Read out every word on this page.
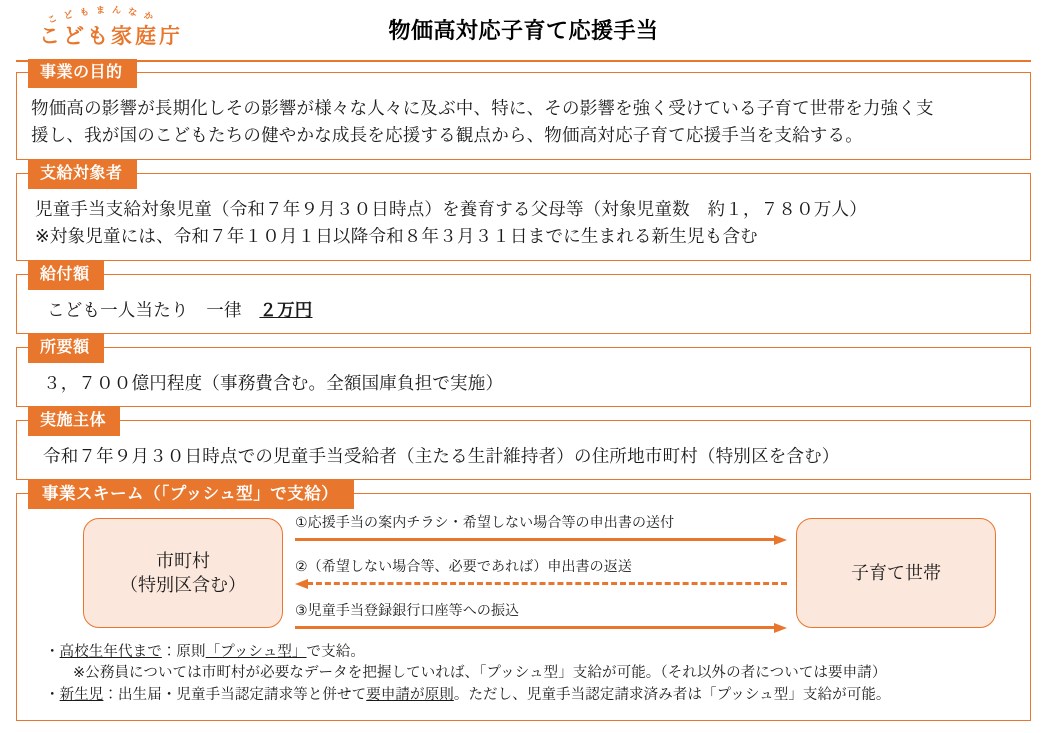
こ ど も ま ん な か
こども家庭庁	物価高対応子育て応援手当
事業の目的

物価高の影響が長期化しその影響が様々な人々に及ぶ中、特に、その影響を強く受けている子育て世帯を力強く支

援し、我が国のこどもたちの健やかな成長を応援する観点から、物価高対応子育て応援手当を支給する。

支給対象者

児童手当支給対象児童（令和７年９月３０日時点）を養育する父母等（対象児童数　約１，７８０万人）

※対象児童には、令和７年１０月１日以降令和８年３月３１日までに生まれる新生児も含む

給付額

こども一人当たり　一律　２万円

所要額

３，７００億円程度（事務費含む。全額国庫負担で実施）

実施主体

令和７年９月３０日時点での児童手当受給者（主たる生計維持者）の住所地市町村（特別区を含む）

事業スキーム（「プッシュ型」で支給）
市町村
（特別区含む）
子育て世帯
①応援手当の案内チラシ・希望しない場合等の申出書の送付
②（希望しない場合等、必要であれば）申出書の返送
③児童手当登録銀行口座等への振込

・高校生年代まで：原則「プッシュ型」で支給。

※公務員については市町村が必要なデータを把握していれば、「プッシュ型」支給が可能。（それ以外の者については要申請）

・新生児：出生届・児童手当認定請求等と併せて要申請が原則。ただし、児童手当認定請求済み者は「プッシュ型」支給が可能。
